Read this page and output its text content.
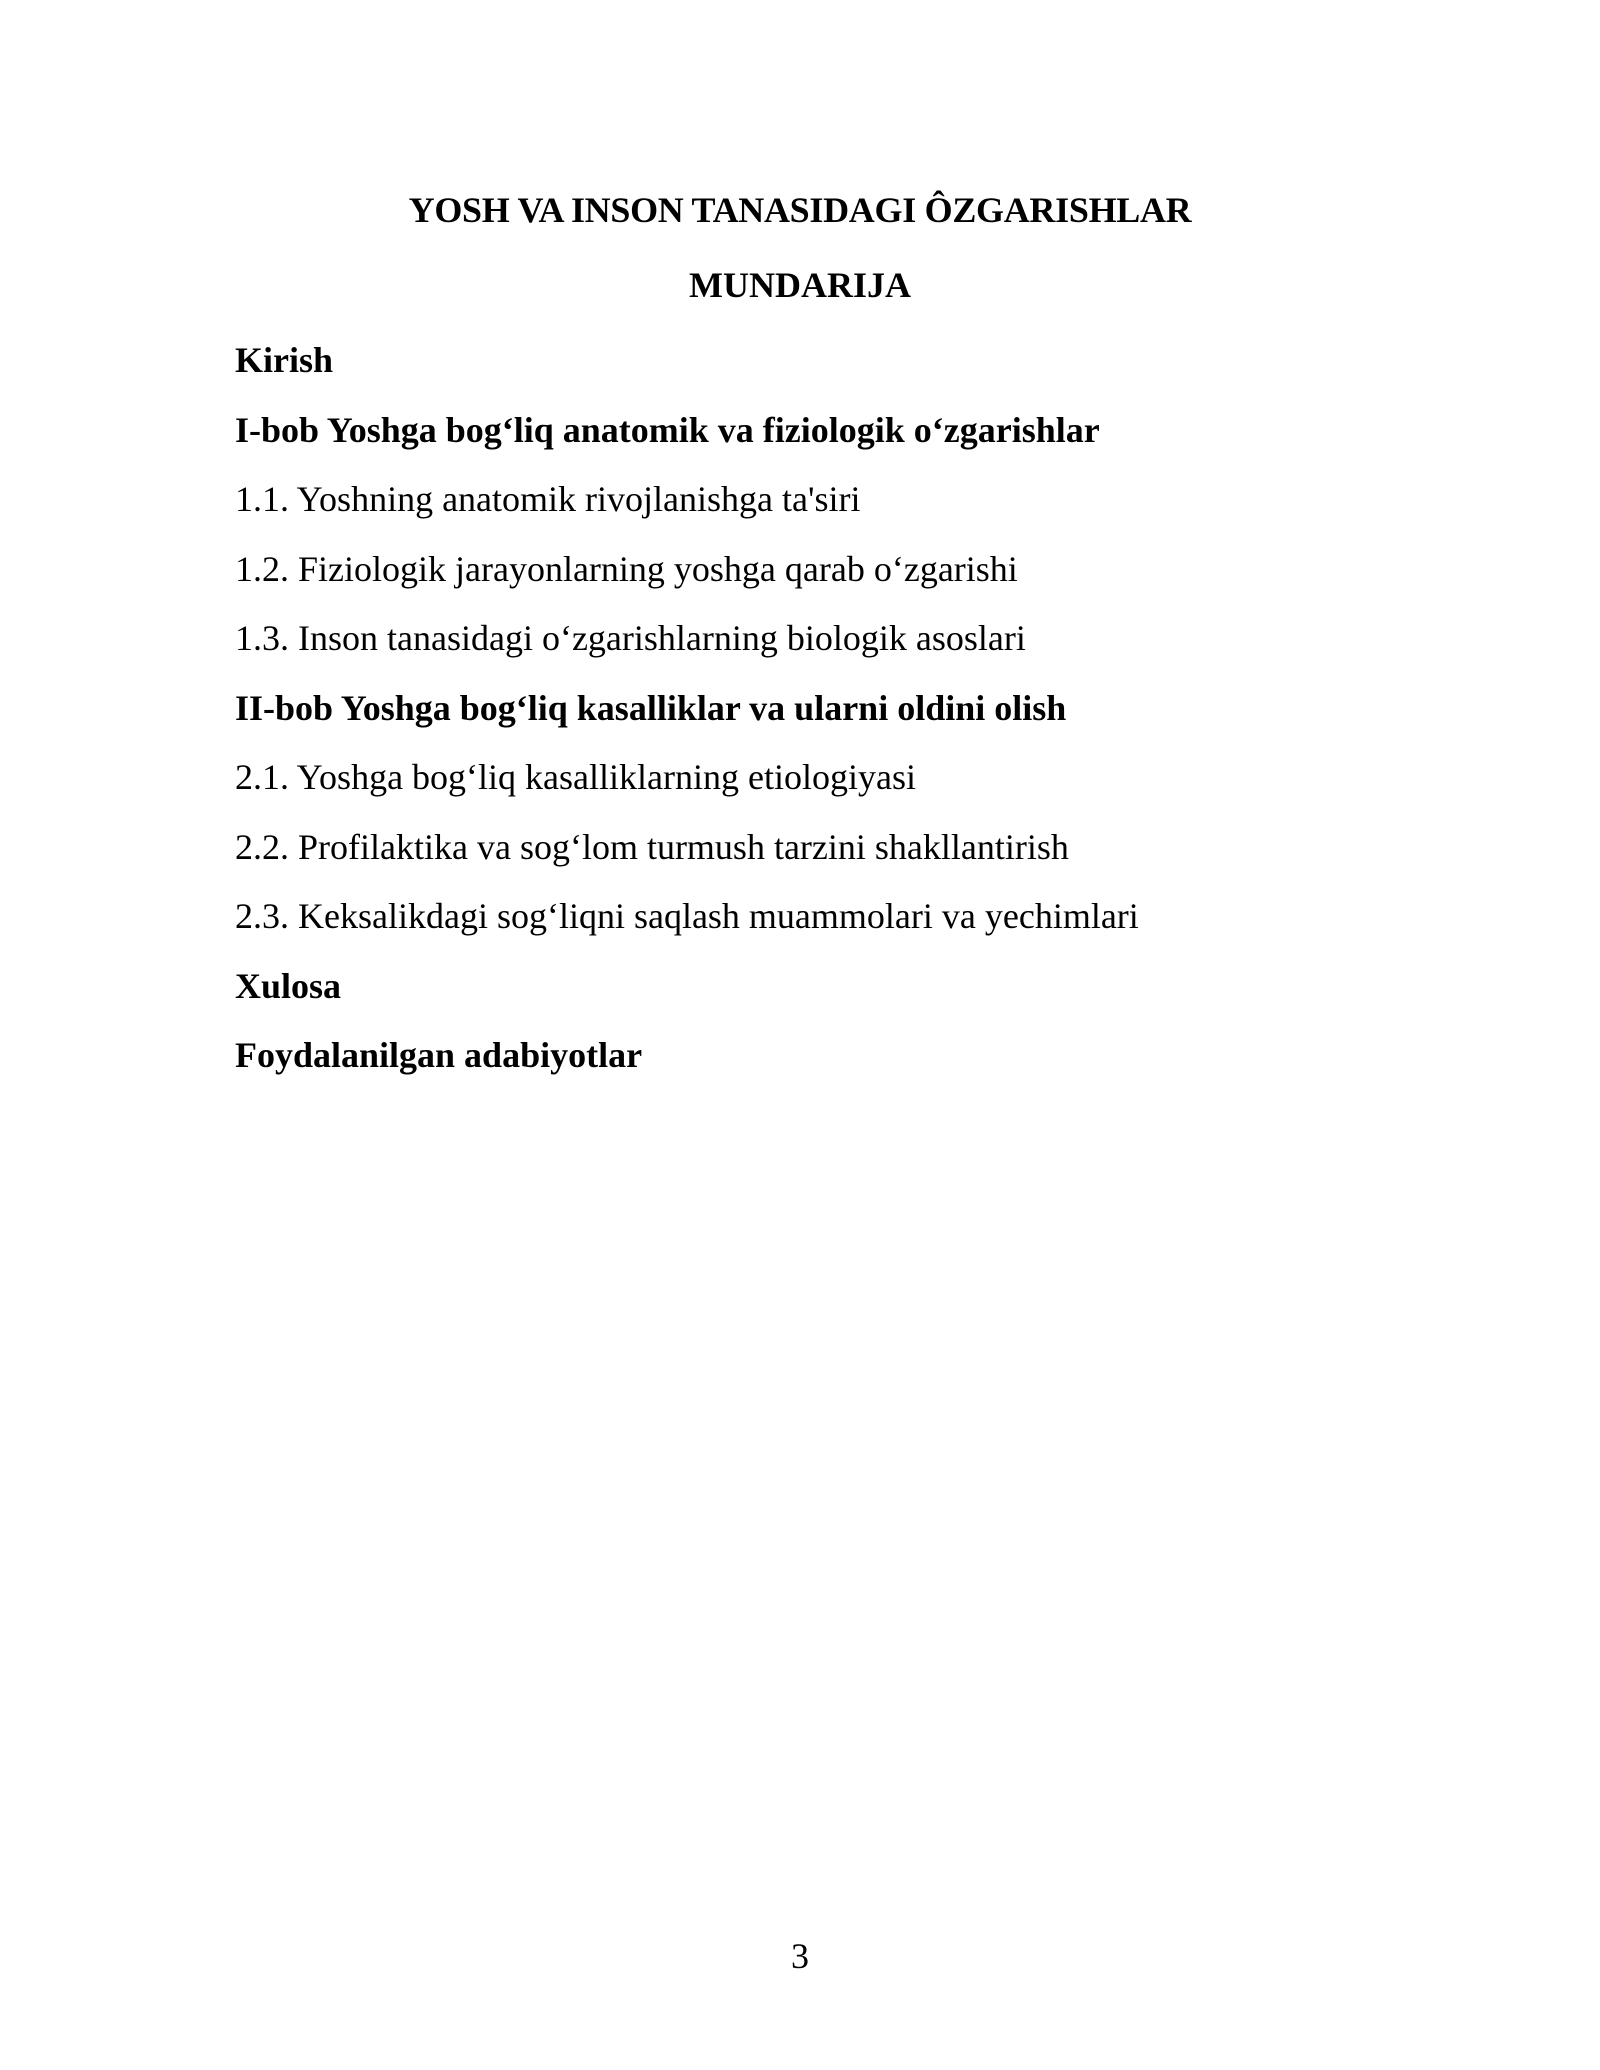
YOSH VA INSON TANASIDAGI ÔZGARISHLAR
MUNDARIJA
Kirish
I-bob Yoshga bog‘liq anatomik va fiziologik o‘zgarishlar
1.1. Yoshning anatomik rivojlanishga ta'siri
1.2. Fiziologik jarayonlarning yoshga qarab o‘zgarishi
1.3. Inson tanasidagi o‘zgarishlarning biologik asoslari
II-bob Yoshga bog‘liq kasalliklar va ularni oldini olish
2.1. Yoshga bog‘liq kasalliklarning etiologiyasi
2.2. Profilaktika va sog‘lom turmush tarzini shakllantirish
2.3. Keksalikdagi sog‘liqni saqlash muammolari va yechimlari
Xulosa
Foydalanilgan adabiyotlar
3
